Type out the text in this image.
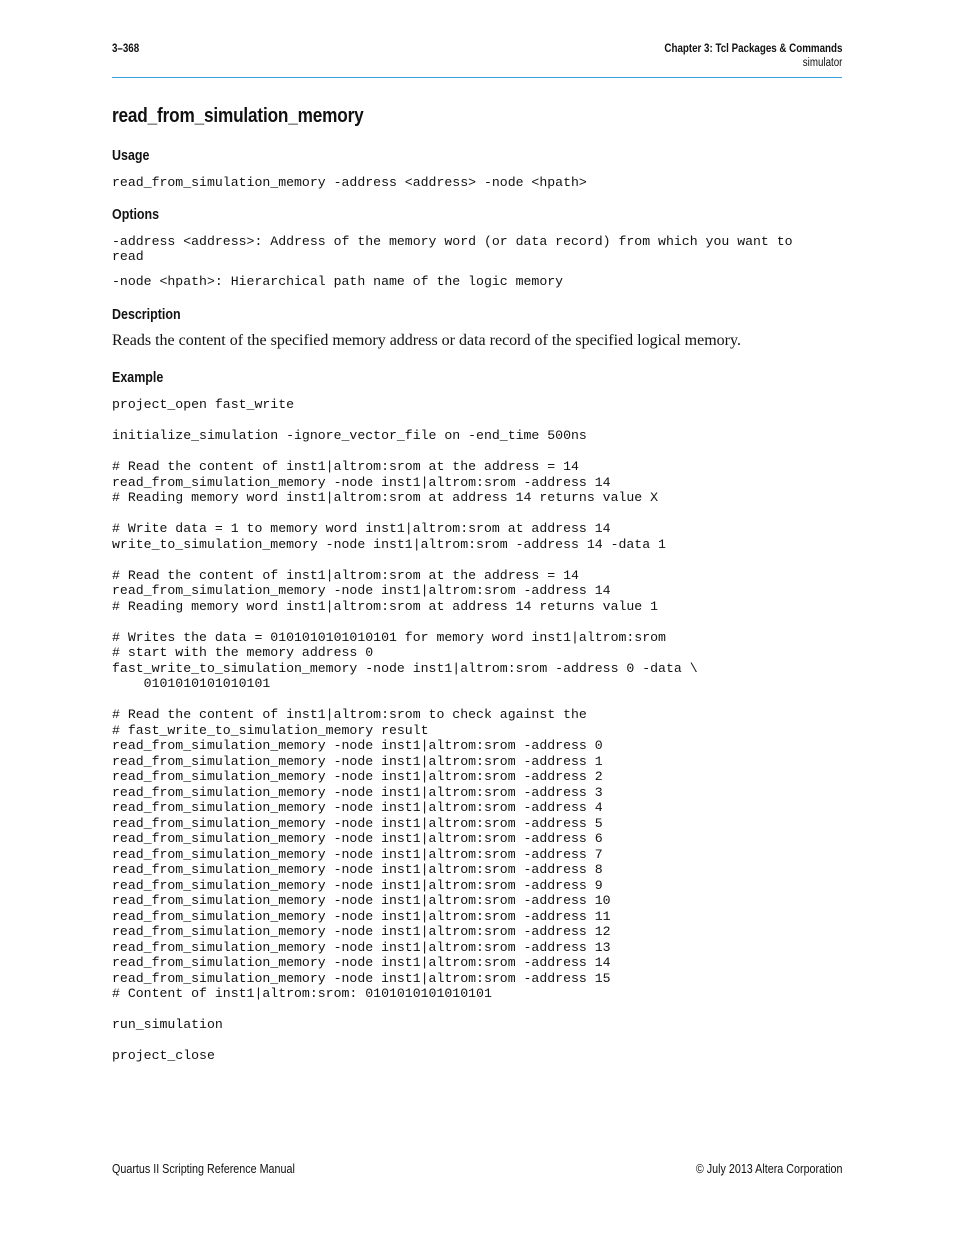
3–368	Chapter 3: Tcl Packages & Commands
simulator
read_from_simulation_memory
Usage
read_from_simulation_memory -address <address> -node <hpath>
Options
-address <address>: Address of the memory word (or data record) from which you want to
read
-node <hpath>: Hierarchical path name of the logic memory
Description
Reads the content of the specified memory address or data record of the specified logical memory.
Example
project_open fast_write
initialize_simulation -ignore_vector_file on -end_time 500ns
# Read the content of inst1|altrom:srom at the address = 14
read_from_simulation_memory -node inst1|altrom:srom -address 14
# Reading memory word inst1|altrom:srom at address 14 returns value X
# Write data = 1 to memory word inst1|altrom:srom at address 14
write_to_simulation_memory -node inst1|altrom:srom -address 14 -data 1
# Read the content of inst1|altrom:srom at the address = 14
read_from_simulation_memory -node inst1|altrom:srom -address 14
# Reading memory word inst1|altrom:srom at address 14 returns value 1
# Writes the data = 0101010101010101 for memory word inst1|altrom:srom
# start with the memory address 0
fast_write_to_simulation_memory -node inst1|altrom:srom -address 0 -data \
0101010101010101
# Read the content of inst1|altrom:srom to check against the
# fast_write_to_simulation_memory result
read_from_simulation_memory -node inst1|altrom:srom -address 0
read_from_simulation_memory -node inst1|altrom:srom -address 1
read_from_simulation_memory -node inst1|altrom:srom -address 2
read_from_simulation_memory -node inst1|altrom:srom -address 3
read_from_simulation_memory -node inst1|altrom:srom -address 4
read_from_simulation_memory -node inst1|altrom:srom -address 5
read_from_simulation_memory -node inst1|altrom:srom -address 6
read_from_simulation_memory -node inst1|altrom:srom -address 7
read_from_simulation_memory -node inst1|altrom:srom -address 8
read_from_simulation_memory -node inst1|altrom:srom -address 9
read_from_simulation_memory -node inst1|altrom:srom -address 10
read_from_simulation_memory -node inst1|altrom:srom -address 11
read_from_simulation_memory -node inst1|altrom:srom -address 12
read_from_simulation_memory -node inst1|altrom:srom -address 13
read_from_simulation_memory -node inst1|altrom:srom -address 14
read_from_simulation_memory -node inst1|altrom:srom -address 15
# Content of inst1|altrom:srom: 0101010101010101
run_simulation
project_close
Quartus II Scripting Reference Manual	© July 2013 Altera Corporation
